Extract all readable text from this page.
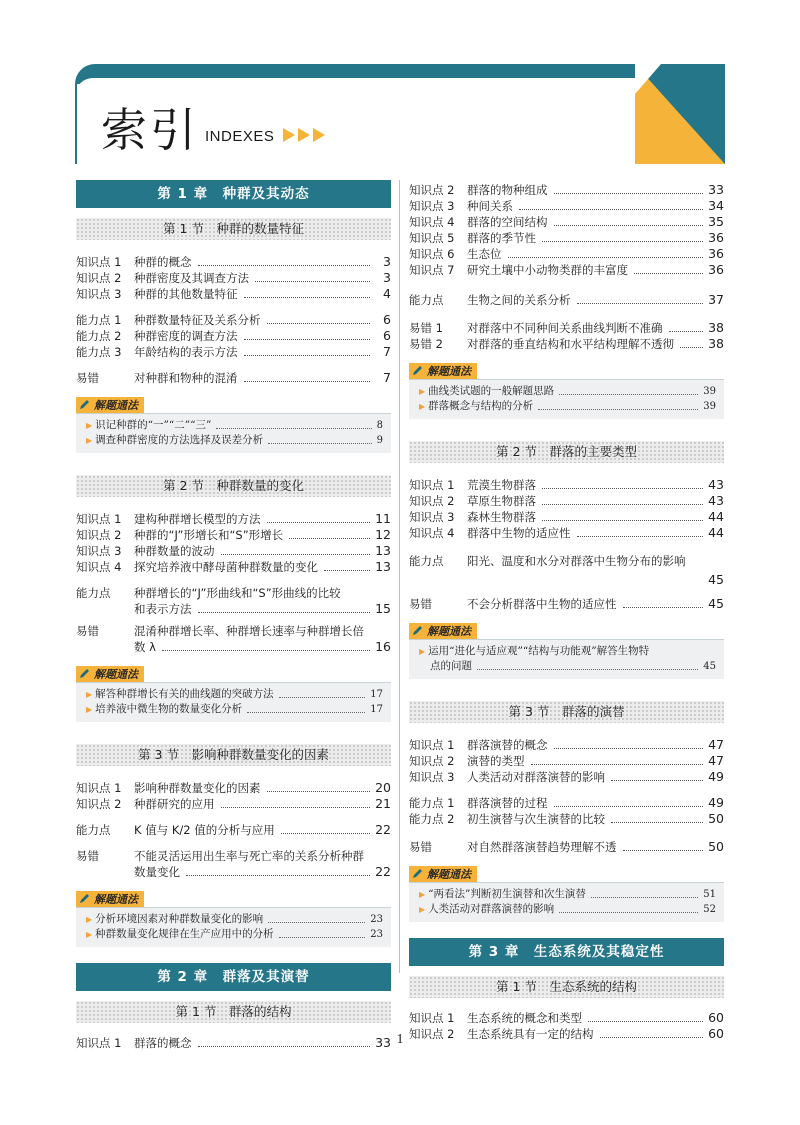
索引 INDEXES
第 1 章　种群及其动态
第 1 节　种群的数量特征
知识点 1	种群的概念	3
知识点 2	种群密度及其调查方法	3
知识点 3	种群的其他数量特征	4
能力点 1	种群数量特征及关系分析	6
能力点 2	种群密度的调查方法	6
能力点 3	年龄结构的表示方法	7
易错	对种群和物种的混淆	7
解题通法
▶ 识记种群的“一”“二”“三”	8
▶ 调查种群密度的方法选择及误差分析	9
第 2 节　种群数量的变化
知识点 1	建构种群增长模型的方法	11
知识点 2	种群的“J”形增长和“S”形增长	12
知识点 3	种群数量的波动	13
知识点 4	探究培养液中酵母菌种群数量的变化	13
能力点	种群增长的“J”形曲线和“S”形曲线的比较
和表示方法	15
易错	混淆种群增长率、种群增长速率与种群增长倍
数 λ	16
解题通法
▶ 解答种群增长有关的曲线题的突破方法	17
▶ 培养液中微生物的数量变化分析	17
第 3 节　影响种群数量变化的因素
知识点 1	影响种群数量变化的因素	20
知识点 2	种群研究的应用	21
能力点	K 值与 K/2 值的分析与应用	22
易错	不能灵活运用出生率与死亡率的关系分析种群
数量变化	22
解题通法
▶ 分析环境因素对种群数量变化的影响	23
▶ 种群数量变化规律在生产应用中的分析	23
第 2 章　群落及其演替
第 1 节　群落的结构
知识点 1	群落的概念	33
知识点 2	群落的物种组成	33
知识点 3	种间关系	34
知识点 4	群落的空间结构	35
知识点 5	群落的季节性	36
知识点 6	生态位	36
知识点 7	研究土壤中小动物类群的丰富度	36
能力点	生物之间的关系分析	37
易错 1	对群落中不同种间关系曲线判断不准确	38
易错 2	对群落的垂直结构和水平结构理解不透彻	38
解题通法
▶ 曲线类试题的一般解题思路	39
▶ 群落概念与结构的分析	39
第 2 节　群落的主要类型
知识点 1	荒漠生物群落	43
知识点 2	草原生物群落	43
知识点 3	森林生物群落	44
知识点 4	群落中生物的适应性	44
能力点	阳光、温度和水分对群落中生物分布的影响
45
易错	不会分析群落中生物的适应性	45
解题通法
▶ 运用“进化与适应观”“结构与功能观”解答生物特
点的问题	45
第 3 节　群落的演替
知识点 1	群落演替的概念	47
知识点 2	演替的类型	47
知识点 3	人类活动对群落演替的影响	49
能力点 1	群落演替的过程	49
能力点 2	初生演替与次生演替的比较	50
易错	对自然群落演替趋势理解不透	50
解题通法
▶ “两看法”判断初生演替和次生演替	51
▶ 人类活动对群落演替的影响	52
第 3 章　生态系统及其稳定性
第 1 节　生态系统的结构
知识点 1	生态系统的概念和类型	60
知识点 2	生态系统具有一定的结构	60
1
